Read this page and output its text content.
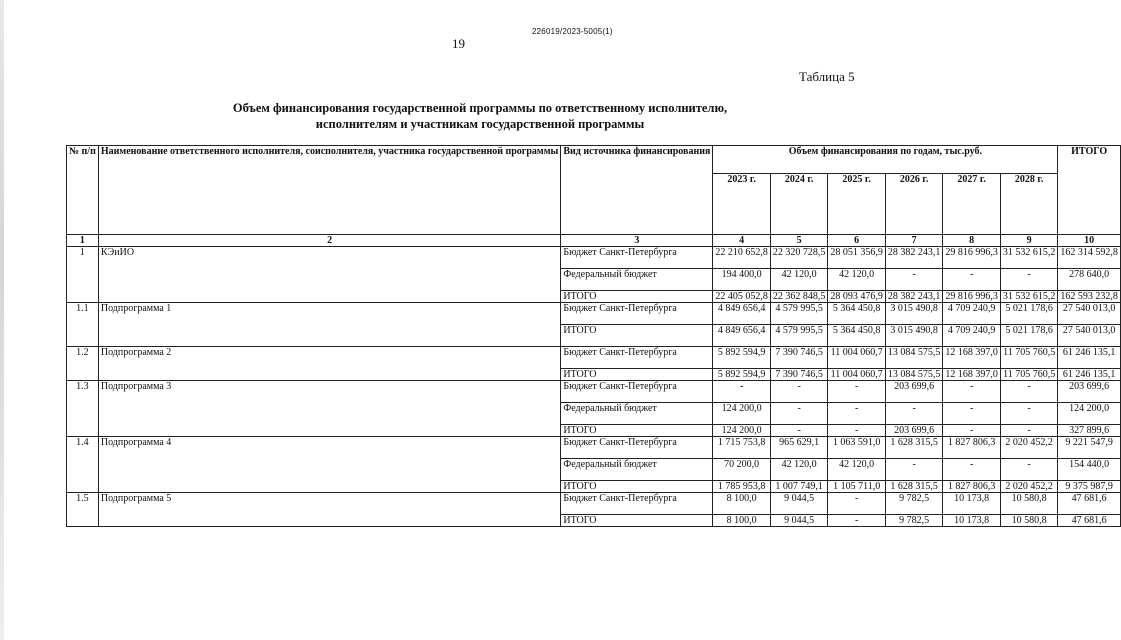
226019/2023-5005(1)
19
Таблица 5
Объем финансирования государственной программы по ответственному исполнителю,
исполнителям и участникам государственной программы
№ п/п	Наименование ответственного исполнителя, соисполнителя, участника государственной программы	Вид источника финансирования	Объем финансирования по годам, тыс.руб.						ИТОГО
			2023 г.	2024 г.	2025 г.	2026 г.	2027 г.	2028 г.	
1	2	3	4	5	6	7	8	9	10
1	КЭиИО	Бюджет Санкт-Петербурга	22 210 652,8	22 320 728,5	28 051 356,9	28 382 243,1	29 816 996,3	31 532 615,2	162 314 592,8
		Федеральный бюджет	194 400,0	42 120,0	42 120,0	-	-	-	278 640,0
		ИТОГО	22 405 052,8	22 362 848,5	28 093 476,9	28 382 243,1	29 816 996,3	31 532 615,2	162 593 232,8
1.1	Подпрограмма 1	Бюджет Санкт-Петербурга	4 849 656,4	4 579 995,5	5 364 450,8	3 015 490,8	4 709 240,9	5 021 178,6	27 540 013,0
		ИТОГО	4 849 656,4	4 579 995,5	5 364 450,8	3 015 490,8	4 709 240,9	5 021 178,6	27 540 013,0
1.2	Подпрограмма 2	Бюджет Санкт-Петербурга	5 892 594,9	7 390 746,5	11 004 060,7	13 084 575,5	12 168 397,0	11 705 760,5	61 246 135,1
		ИТОГО	5 892 594,9	7 390 746,5	11 004 060,7	13 084 575,5	12 168 397,0	11 705 760,5	61 246 135,1
1.3	Подпрограмма 3	Бюджет Санкт-Петербурга	-	-	-	203 699,6	-	-	203 699,6
		Федеральный бюджет	124 200,0	-	-	-	-	-	124 200,0
		ИТОГО	124 200,0	-	-	203 699,6	-	-	327 899,6
1.4	Подпрограмма 4	Бюджет Санкт-Петербурга	1 715 753,8	965 629,1	1 063 591,0	1 628 315,5	1 827 806,3	2 020 452,2	9 221 547,9
		Федеральный бюджет	70 200,0	42 120,0	42 120,0	-	-	-	154 440,0
		ИТОГО	1 785 953,8	1 007 749,1	1 105 711,0	1 628 315,5	1 827 806,3	2 020 452,2	9 375 987,9
1.5	Подпрограмма 5	Бюджет Санкт-Петербурга	8 100,0	9 044,5	-	9 782,5	10 173,8	10 580,8	47 681,6
		ИТОГО	8 100,0	9 044,5	-	9 782,5	10 173,8	10 580,8	47 681,6
